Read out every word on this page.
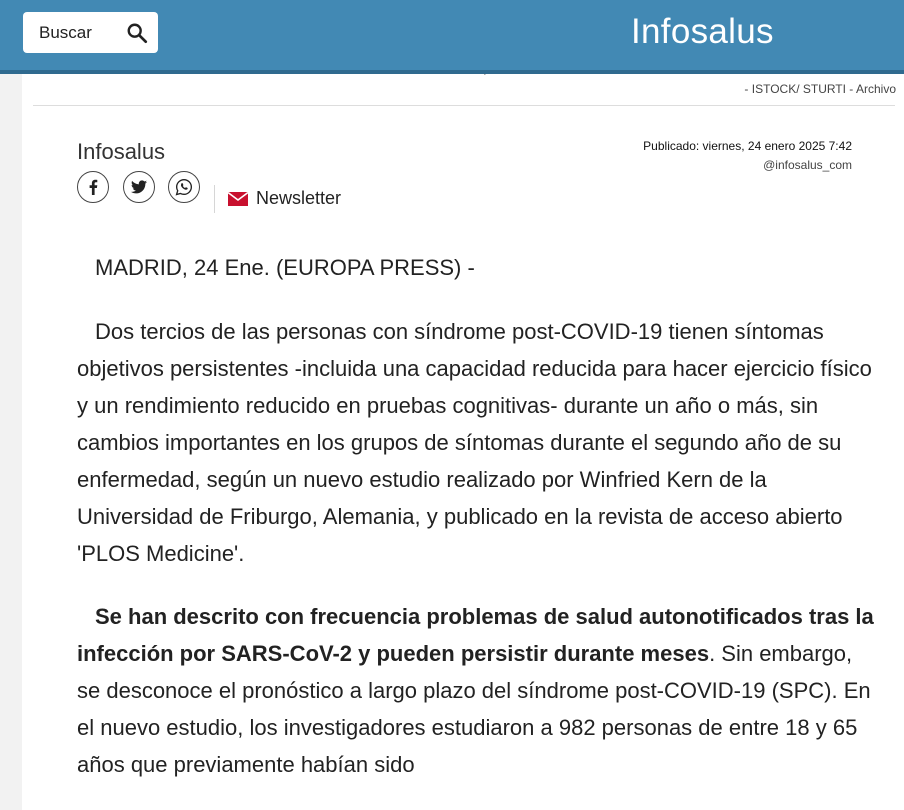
Buscar	Infosalus
- ISTOCK/ STURTI - Archivo
Infosalus
Newsletter
Publicado: viernes, 24 enero 2025 7:42
@infosalus_com

MADRID, 24 Ene. (EUROPA PRESS) -

Dos tercios de las personas con síndrome post-COVID-19 tienen síntomas objetivos persistentes -incluida una capacidad reducida para hacer ejercicio físico y un rendimiento reducido en pruebas cognitivas- durante un año o más, sin cambios importantes en los grupos de síntomas durante el segundo año de su enfermedad, según un nuevo estudio realizado por Winfried Kern de la Universidad de Friburgo, Alemania, y publicado en la revista de acceso abierto 'PLOS Medicine'.

Se han descrito con frecuencia problemas de salud autonotificados tras la infección por SARS-CoV-2 y pueden persistir durante meses. Sin embargo, se desconoce el pronóstico a largo plazo del síndrome post-COVID-19 (SPC). En el nuevo estudio, los investigadores estudiaron a 982 personas de entre 18 y 65 años que previamente habían sido
